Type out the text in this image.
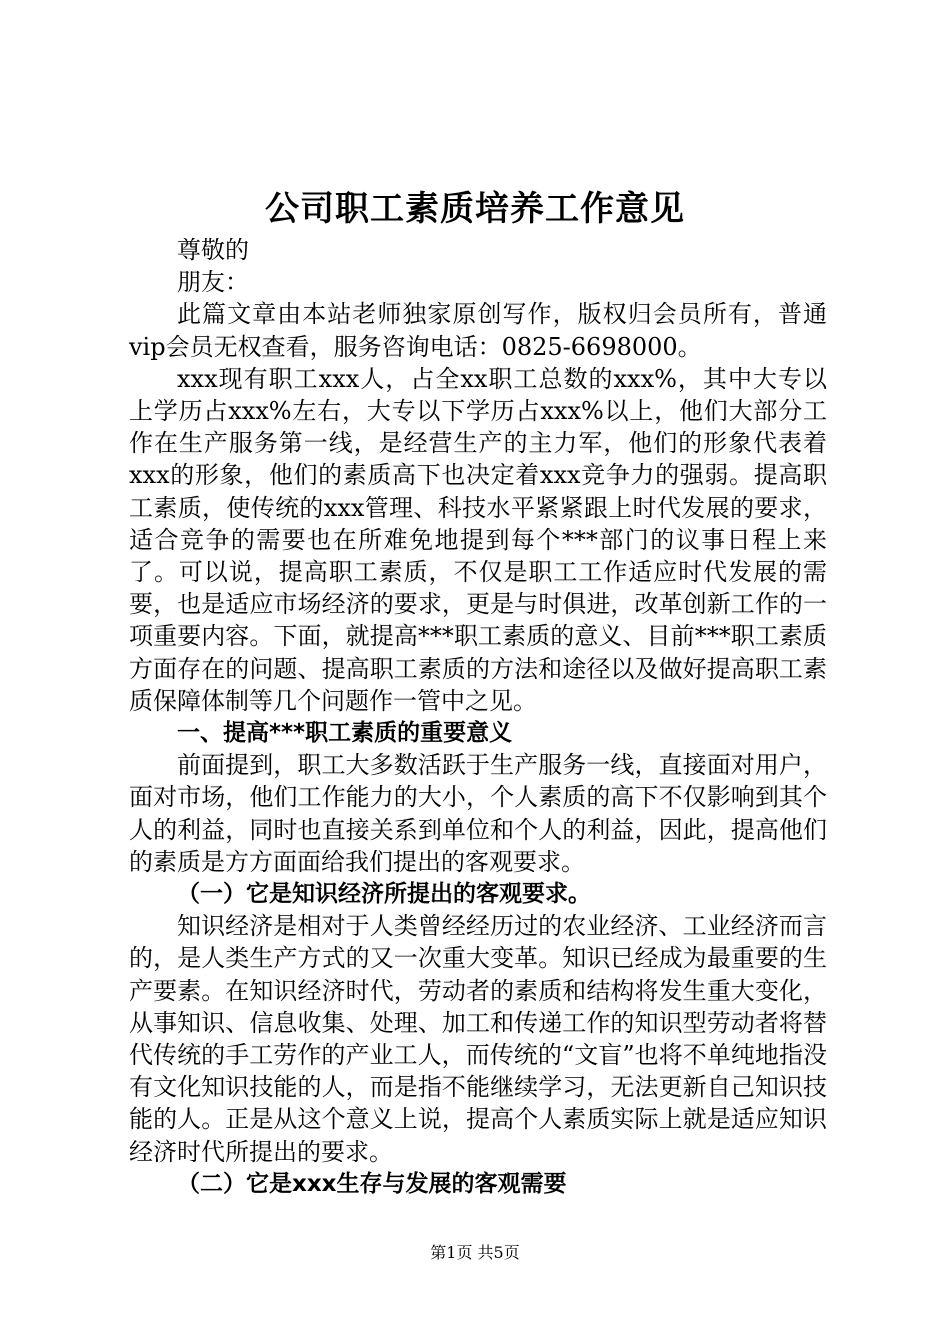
公司职工素质培养工作意见

尊敬的

朋友：

此篇文章由本站老师独家原创写作，版权归会员所有，普通vip会员无权查看，服务咨询电话：0825-6698000。

xxx现有职工xxx人，占全xx职工总数的xxx%，其中大专以上学历占xxx%左右，大专以下学历占xxx%以上，他们大部分工作在生产服务第一线，是经营生产的主力军，他们的形象代表着xxx的形象，他们的素质高下也决定着xxx竞争力的强弱。提高职工素质，使传统的xxx管理、科技水平紧紧跟上时代发展的要求，适合竞争的需要也在所难免地提到每个***部门的议事日程上来了。可以说，提高职工素质，不仅是职工工作适应时代发展的需要，也是适应市场经济的要求，更是与时俱进，改革创新工作的一项重要内容。下面，就提高***职工素质的意义、目前***职工素质方面存在的问题、提高职工素质的方法和途径以及做好提高职工素质保障体制等几个问题作一管中之见。

一、提高***职工素质的重要意义

前面提到，职工大多数活跃于生产服务一线，直接面对用户，面对市场，他们工作能力的大小，个人素质的高下不仅影响到其个人的利益，同时也直接关系到单位和个人的利益，因此，提高他们的素质是方方面面给我们提出的客观要求。

（一）它是知识经济所提出的客观要求。

知识经济是相对于人类曾经经历过的农业经济、工业经济而言的，是人类生产方式的又一次重大变革。知识已经成为最重要的生产要素。在知识经济时代，劳动者的素质和结构将发生重大变化，从事知识、信息收集、处理、加工和传递工作的知识型劳动者将替代传统的手工劳作的产业工人，而传统的“文盲”也将不单纯地指没有文化知识技能的人，而是指不能继续学习，无法更新自己知识技能的人。正是从这个意义上说，提高个人素质实际上就是适应知识经济时代所提出的要求。

（二）它是xxx生存与发展的客观需要

第1页 共5页
